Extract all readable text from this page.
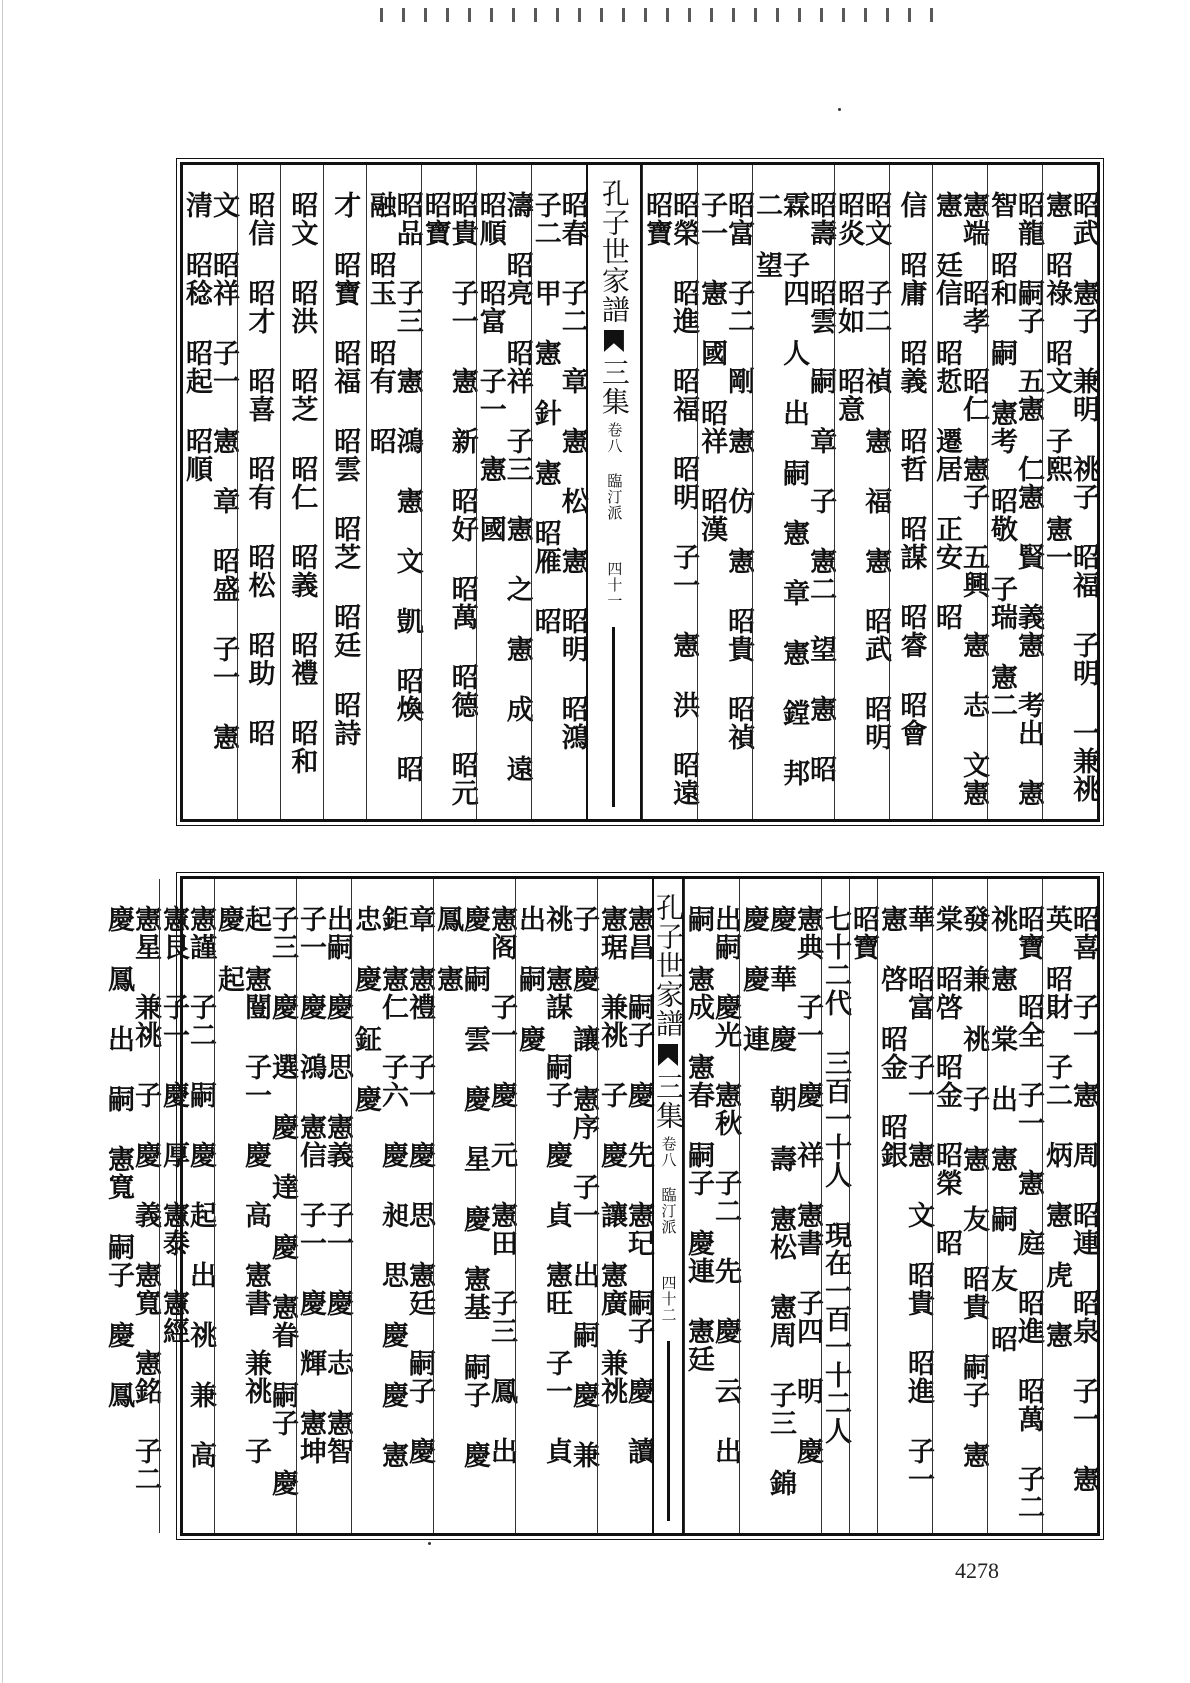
昭武 憲子 兼明 祧子 昭福 子明 一兼祧 憲 昭祿 昭文 子熙 憲一
昭龍 嗣子 五憲 仁憲 賢 義憲 考出 憲智 昭和 嗣 憲考 昭敬 子瑞 憲二
憲端 昭孝 昭仁 憲子 五興 憲 志 文憲 憲 廷信 昭悊 遷居 正安 昭
信 昭庸 昭義 昭哲 昭謀 昭睿 昭會
昭文 子二 禎 憲 福 憲 昭武 昭明 昭炎 昭如 昭意
昭壽 昭雲 嗣 章 子 憲二 望 憲 昭霖 子四 人 出 嗣 憲 章 憲 鏜 邦 二 望
昭富 子二 剛 憲 仿 憲 昭貴 昭禎 子一 憲 國 昭祥 昭漢
昭榮 昭進 昭福 昭明 子一 憲 洪 昭遠 昭寶
孔子世家譜
三集
卷八 臨汀派
四十一
昭春 子二 章 憲 松 憲 昭明 昭鴻 子二 甲 憲 針 憲 昭雁 昭
濤 昭亮 昭祥 子三 憲 之 憲 成 遠 昭順 昭富 子一 憲 國
昭貴 子一 憲 新 昭好 昭萬 昭德 昭元 昭寶
昭品 子三 憲 鴻 憲 文 凱 昭煥 昭融 昭玉 昭有 昭
才 昭寶 昭福 昭雲 昭芝 昭廷 昭詩
昭文 昭洪 昭芝 昭仁 昭義 昭禮 昭和
昭信 昭才 昭喜 昭有 昭松 昭助 昭
文 昭祥 子一 憲 章 昭盛 子一 憲 清 昭稔 昭起 昭順
昭喜 子一 憲 周 昭連 昭泉 子一 憲 英 昭財 子二 炳 憲 虎 憲
昭寶 昭全 子一 憲 庭 昭進 昭萬 子二 祧 憲 棠 出 憲 嗣 友 昭
發 兼 祧 子 憲 友 昭貴 嗣子 憲 棠 昭啓 昭金 昭榮 昭
華 昭富 子一 憲 文 昭貴 昭進 子一 憲 啓 昭金 昭銀
昭寶
七十二代 三百一十人 現在一百一十二人
憲典 子一 慶 祥 憲書 子四 明 慶 慶 華 慶 朝 壽 憲松 憲周 子三 錦 慶 慶 連
出嗣 慶光 憲秋 子二 先 慶 云 出 嗣 憲成 憲春 嗣子 慶連 憲廷
孔子世家譜
三集
卷八 臨汀派
四十二
憲昌 嗣子 慶 先 憲玘 嗣子 慶 讀 憲琚 兼祧 子 慶 讓 憲廣 兼祧
子 慶 讓 憲序 子一 出 嗣 慶 兼 祧 憲謀 嗣子 慶 貞 憲旺 子一 貞 出 嗣 慶
憲阁 子一 慶 元 憲田 子三 鳳 出 慶 嗣 雲 慶 星 慶 憲基 嗣子 慶 鳳 憲
章 憲禮 子一 慶 思 憲廷 嗣子 慶 鉅 憲仁 子六 慶 昶 思 慶 慶 憲 忠 慶 鉦 慶
出嗣 慶 思 憲義 子一 慶 志 憲智 子一 慶 鴻 憲信 子一 慶 輝 憲坤
子三 慶 選 慶 達 慶 憲眷 嗣子 慶 起 憲闓 子一 慶 高 憲書 兼祧 子 慶 起
憲謹 子二 嗣 慶 起 出 祧 兼 高 憲艮 子一 慶 厚 憲泰 憲經
憲星 兼祧 子 慶 義 憲寬 憲銘 子二 慶 鳳 出 嗣 憲寬 嗣子 慶 鳳
4278
